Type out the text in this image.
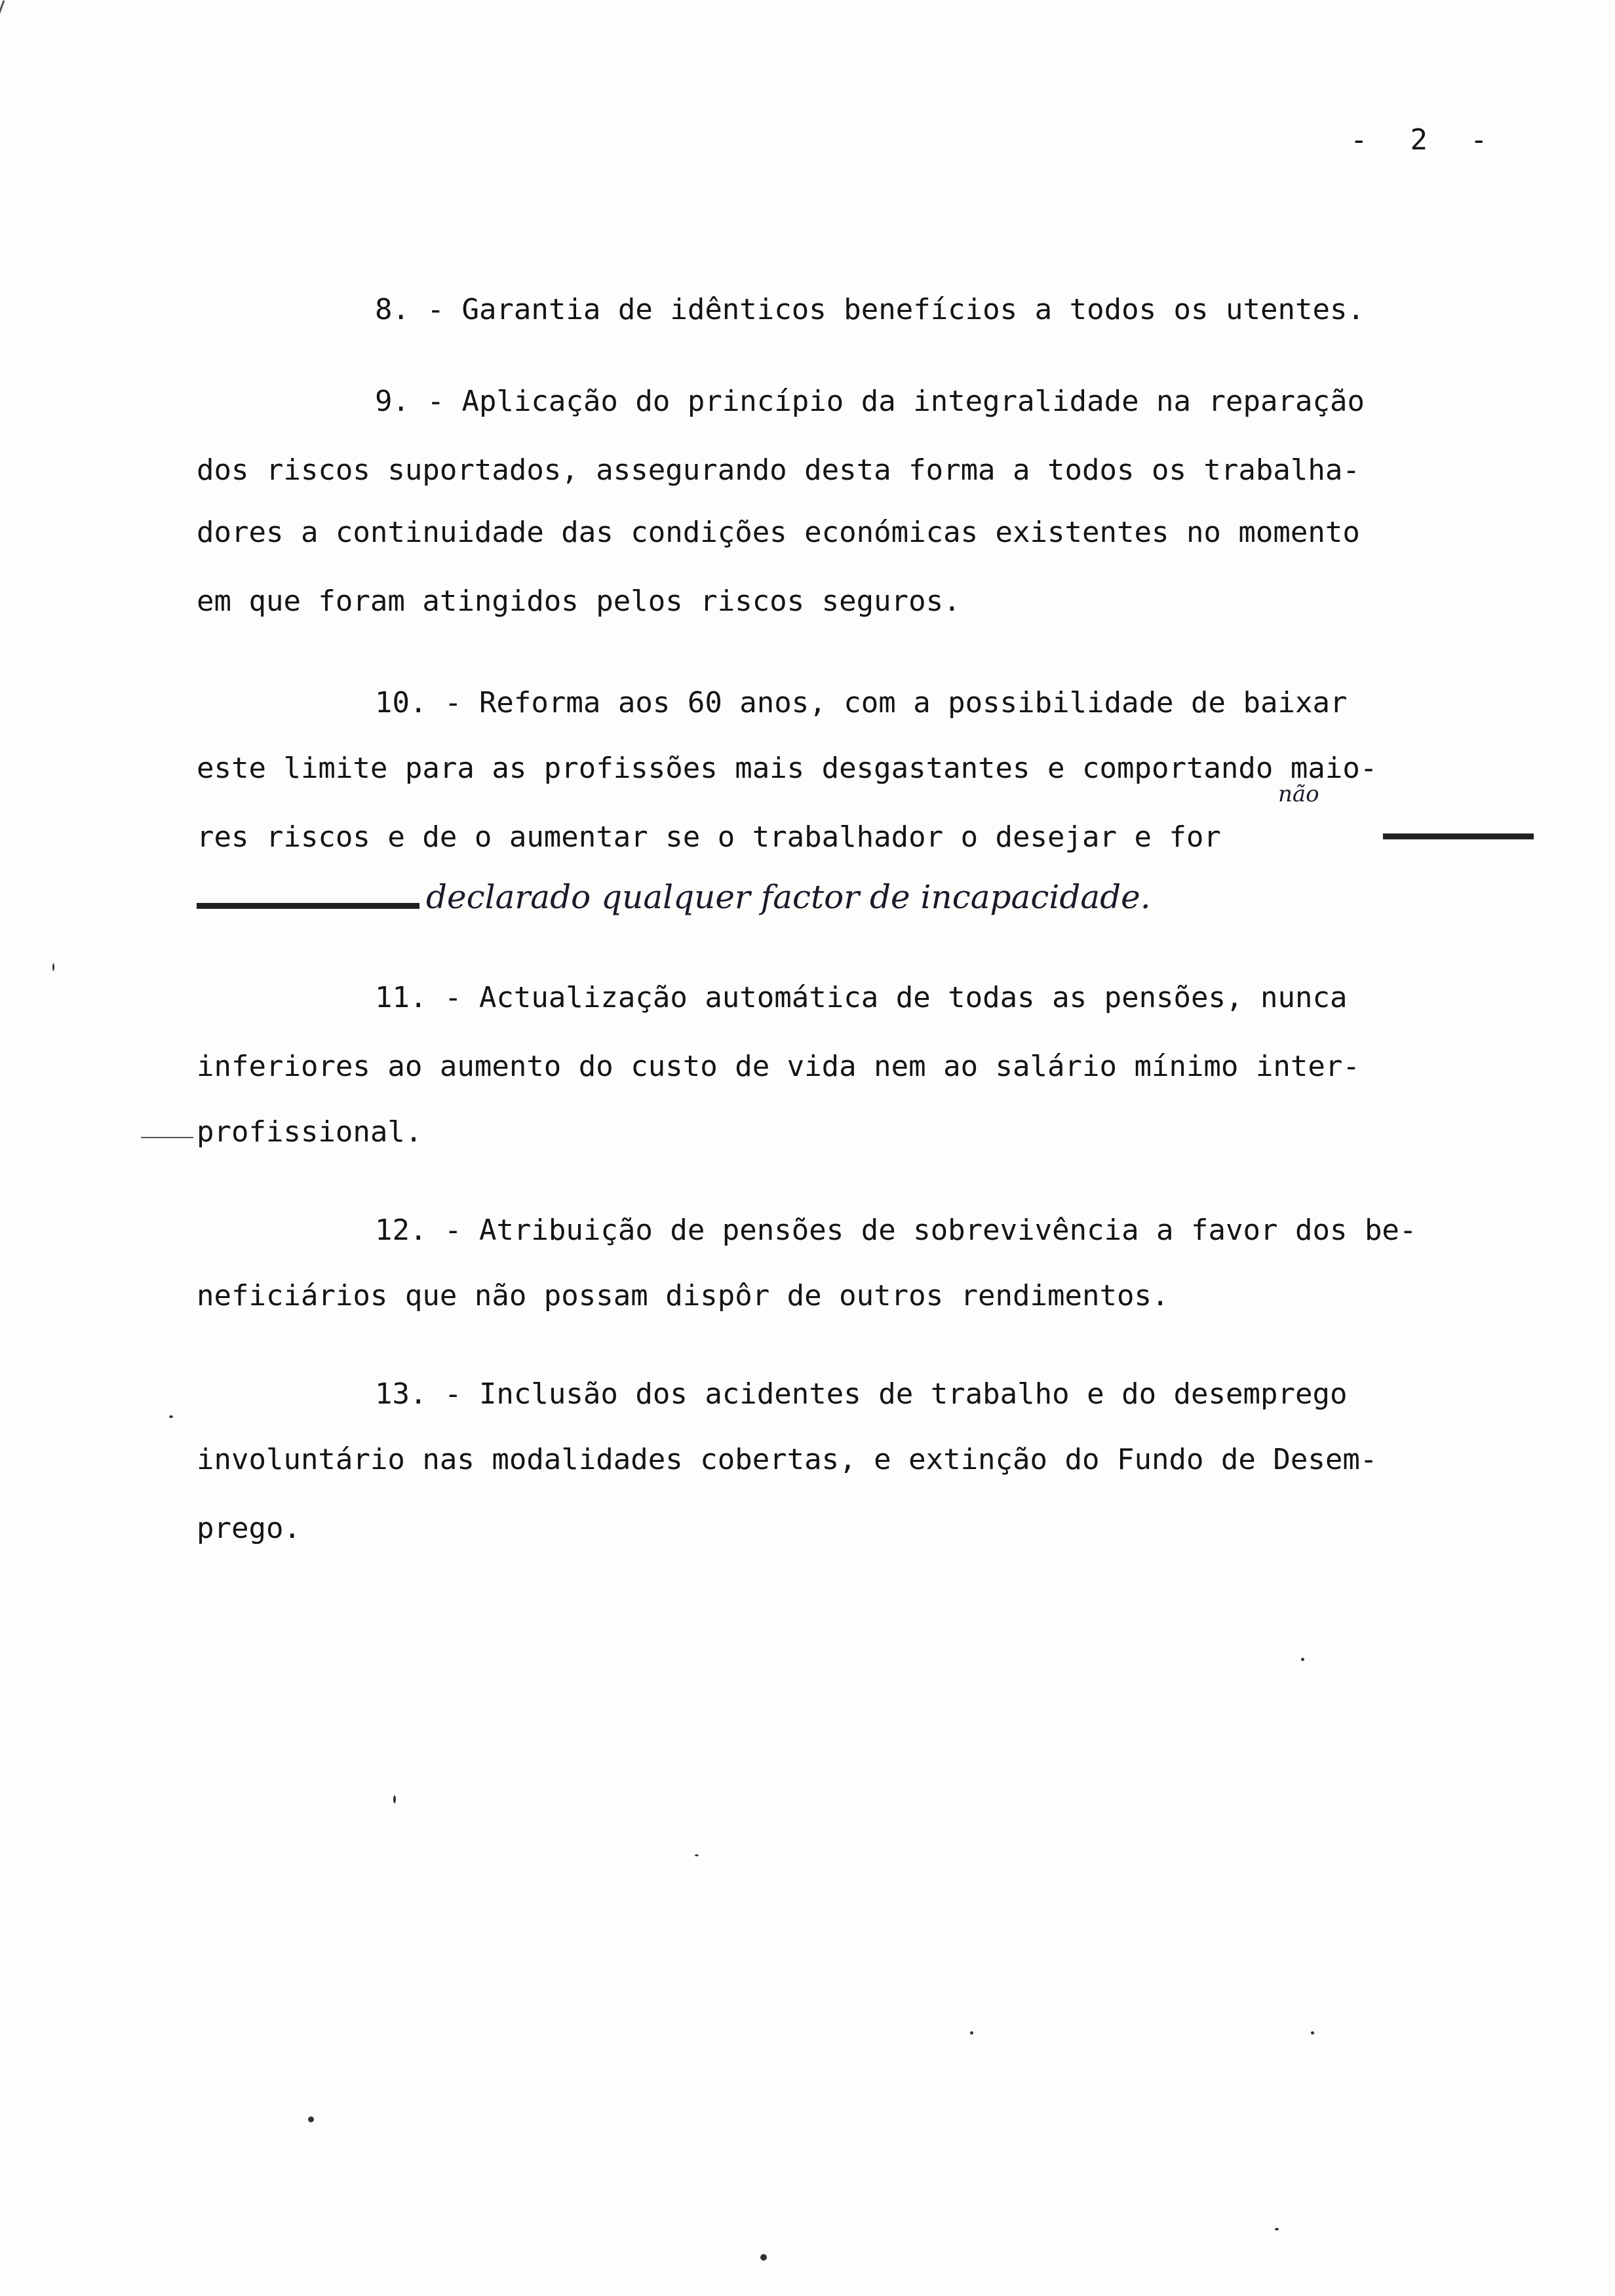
-  2  -
8. - Garantia de idênticos benefícios a todos os utentes.
9. - Aplicação do princípio da integralidade na reparação
dos riscos suportados, assegurando desta forma a todos os trabalha-
dores a continuidade das condições económicas existentes no momento
em que foram atingidos pelos riscos seguros.
10. - Reforma aos 60 anos, com a possibilidade de baixar
este limite para as profissões mais desgastantes e comportando maio-
res riscos e de o aumentar se o trabalhador o desejar e for
não
declarado qualquer factor de incapacidade.
11. - Actualização automática de todas as pensões, nunca
inferiores ao aumento do custo de vida nem ao salário mínimo inter-
profissional.
12. - Atribuição de pensões de sobrevivência a favor dos be-
neficiários que não possam dispôr de outros rendimentos.
13. - Inclusão dos acidentes de trabalho e do desemprego
involuntário nas modalidades cobertas, e extinção do Fundo de Desem-
prego.
